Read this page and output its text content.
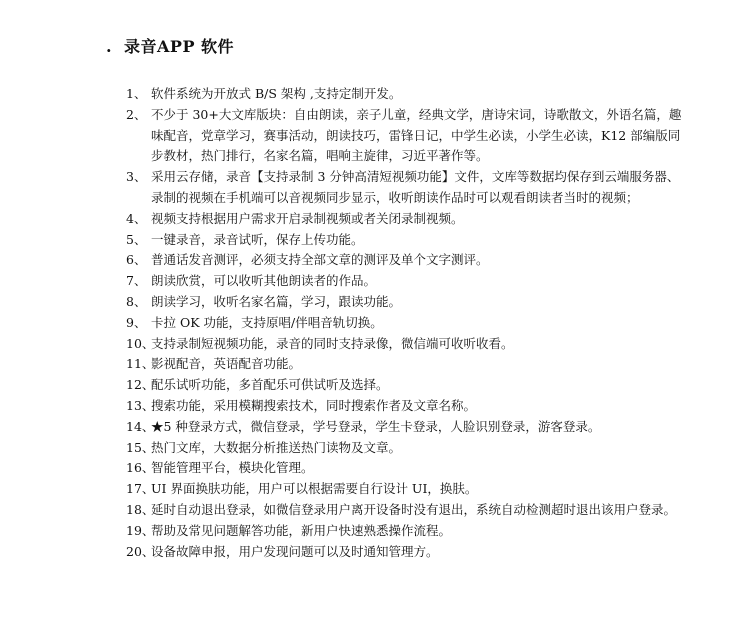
. 录音APP 软件
1、 软件系统为开放式 B/S 架构 ,支持定制开发。
2、 不少于 30+大文库版块：自由朗读，亲子儿童，经典文学，唐诗宋词，诗歌散文，外语名篇，趣味配音，党章学习，赛事活动，朗读技巧，雷锋日记，中学生必读，小学生必读，K12 部编版同步教材，热门排行，名家名篇，唱响主旋律，习近平著作等。
3、 采用云存储，录音【支持录制 3 分钟高清短视频功能】文件，文库等数据均保存到云端服务器、录制的视频在手机端可以音视频同步显示，收听朗读作品时可以观看朗读者当时的视频；
4、 视频支持根据用户需求开启录制视频或者关闭录制视频。
5、 一键录音，录音试听，保存上传功能。
6、 普通话发音测评，必须支持全部文章的测评及单个文字测评。
7、 朗读欣赏，可以收听其他朗读者的作品。
8、 朗读学习，收听名家名篇，学习，跟读功能。
9、 卡拉 OK 功能，支持原唱/伴唱音轨切换。
10、
支持录制短视频功能，录音的同时支持录像，微信端可收听收看。
11、
影视配音，英语配音功能。
12、
配乐试听功能，多首配乐可供试听及选择。
13、
搜索功能，采用模糊搜索技术，同时搜索作者及文章名称。
14、
★5 种登录方式，微信登录，学号登录，学生卡登录，人脸识别登录，游客登录。
15、
热门文库，大数据分析推送热门读物及文章。
16、
智能管理平台，模块化管理。
17、
UI 界面换肤功能，用户可以根据需要自行设计 UI，换肤。
18、
延时自动退出登录，如微信登录用户离开设备时没有退出，系统自动检测超时退出该用户登录。
19、
帮助及常见问题解答功能，新用户快速熟悉操作流程。
20、
设备故障申报，用户发现问题可以及时通知管理方。
